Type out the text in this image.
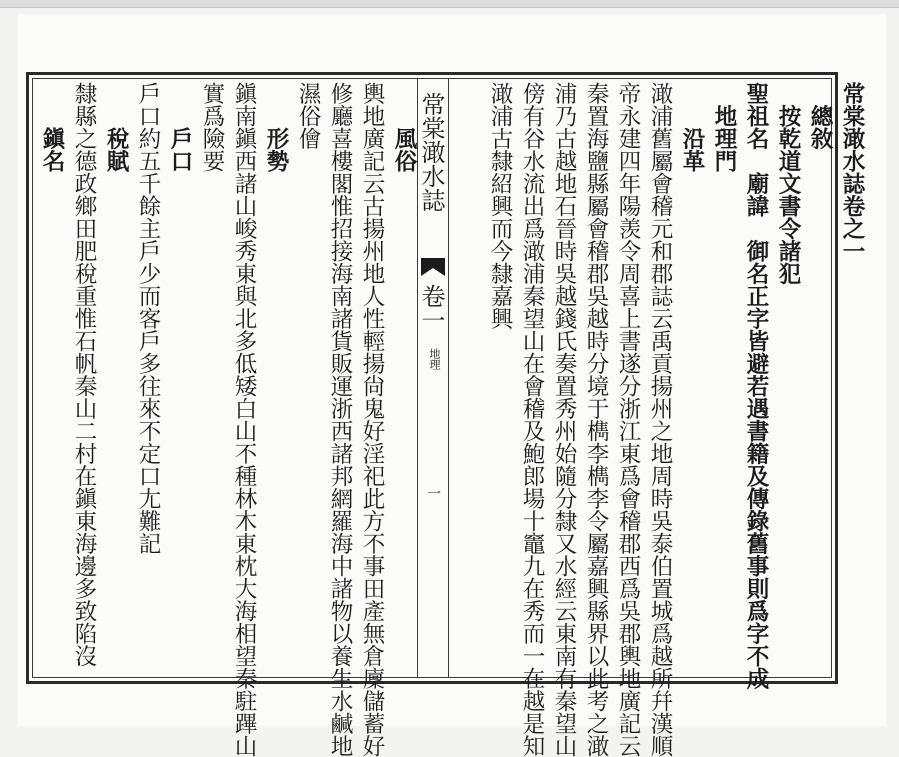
常棠澉水誌
卷一
地理
一
常棠澉水誌卷之一
　總敘
　按乾道文書令諸犯
聖祖名　廟諱　御名正字皆避若遇書籍及傳錄舊事則爲字不成
　地理門
　　沿革
澉浦舊屬會稽元和郡誌云禹貢揚州之地周時吳泰伯置城爲越所幷漢順
帝永建四年陽羡令周喜上書遂分浙江東爲會稽郡西爲吳郡輿地廣記云
秦置海鹽縣屬會稽郡吳越時分境于檇李檇李令屬嘉興縣界以此考之澉
浦乃古越地石晉時吳越錢氏奏置秀州始隨分隸又水經云東南有秦望山
傍有谷水流出爲澉浦秦望山在會稽及鮑郎場十竈九在秀而一在越是知
澉浦古隸紹興而今隸嘉興
　　風俗
輿地廣記云古揚州地人性輕揚尙鬼好淫祀此方不事田產無倉廩儲蓄好
修廳喜樓閣惟招接海南諸貨販運浙西諸邦網羅海中諸物以養生水鹹地
濕俗儈
　　形勢
鎭南鎭西諸山峻秀東與北多低矮白山不種林木東枕大海相望秦駐蹕山
實爲險要
　　戶口
戶口約五千餘主戶少而客戶多往來不定口尢難記
　　稅賦
隸縣之德政鄉田肥稅重惟石帆秦山二村在鎭東海邊多致陷沒
　　鎭名
